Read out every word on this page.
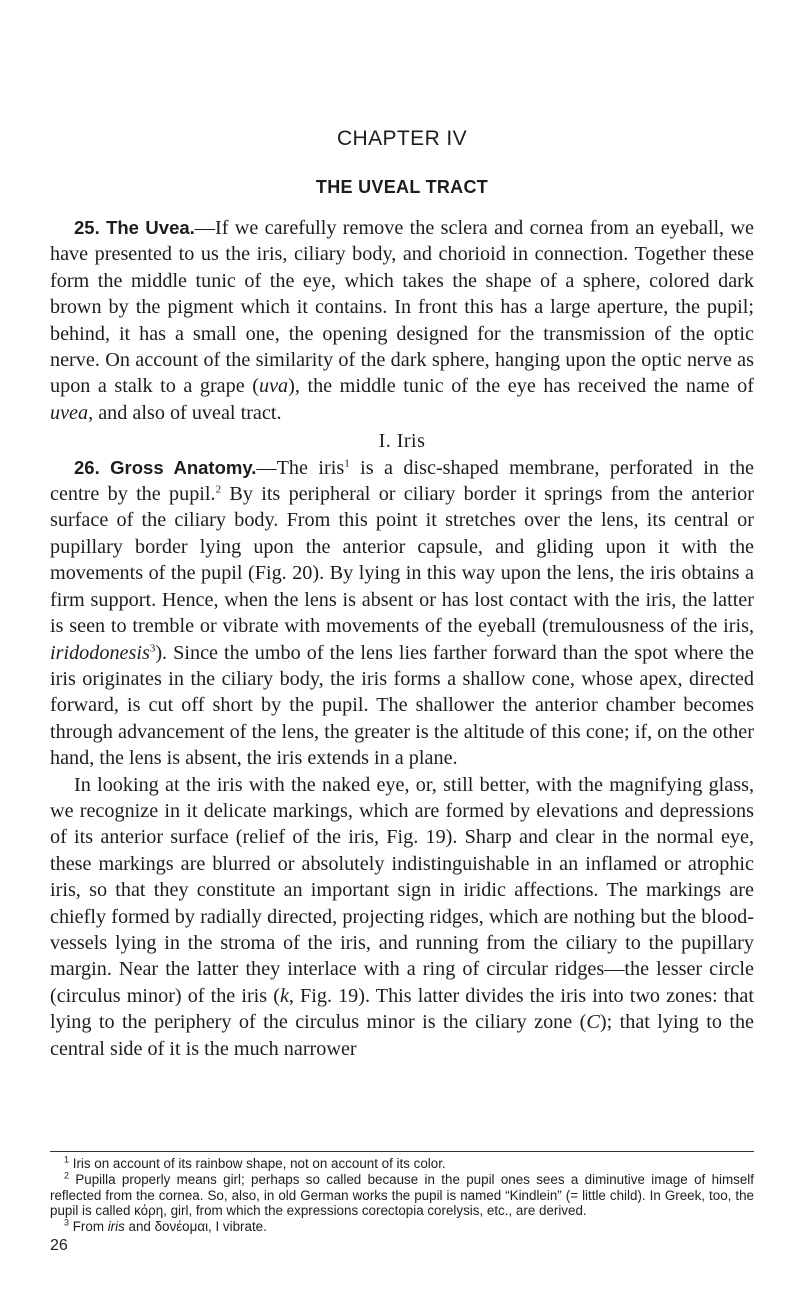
CHAPTER IV
THE UVEAL TRACT

25. The Uvea.—If we carefully remove the sclera and cornea from an eyeball, we have presented to us the iris, ciliary body, and chorioid in connection. Together these form the middle tunic of the eye, which takes the shape of a sphere, colored dark brown by the pigment which it contains. In front this has a large aperture, the pupil; behind, it has a small one, the opening designed for the transmission of the optic nerve. On account of the similarity of the dark sphere, hanging upon the optic nerve as upon a stalk to a grape (uva), the middle tunic of the eye has received the name of uvea, and also of uveal tract.

I. Iris

26. Gross Anatomy.—The iris$^1$ is a disc-shaped membrane, perforated in the centre by the pupil.$^2$ By its peripheral or ciliary border it springs from the anterior surface of the ciliary body. From this point it stretches over the lens, its central or pupillary border lying upon the anterior capsule, and gliding upon it with the movements of the pupil (Fig. 20). By lying in this way upon the lens, the iris obtains a firm support. Hence, when the lens is absent or has lost contact with the iris, the latter is seen to tremble or vibrate with movements of the eyeball (tremulousness of the iris, iridodonesis$^3$). Since the umbo of the lens lies farther forward than the spot where the iris originates in the ciliary body, the iris forms a shallow cone, whose apex, directed forward, is cut off short by the pupil. The shallower the anterior chamber becomes through advancement of the lens, the greater is the altitude of this cone; if, on the other hand, the lens is absent, the iris extends in a plane.

In looking at the iris with the naked eye, or, still better, with the magnifying glass, we recognize in it delicate markings, which are formed by elevations and depressions of its anterior surface (relief of the iris, Fig. 19). Sharp and clear in the normal eye, these markings are blurred or absolutely indistinguishable in an inflamed or atrophic iris, so that they constitute an important sign in iridic affections. The markings are chiefly formed by radially directed, projecting ridges, which are nothing but the blood-vessels lying in the stroma of the iris, and running from the ciliary to the pupillary margin. Near the latter they interlace with a ring of circular ridges—the lesser circle (circulus minor) of the iris (k, Fig. 19). This latter divides the iris into two zones: that lying to the periphery of the circulus minor is the ciliary zone (C); that lying to the central side of it is the much narrower

$^1$ Iris on account of its rainbow shape, not on account of its color.

$^2$ Pupilla properly means girl; perhaps so called because in the pupil ones sees a diminutive image of himself reflected from the cornea. So, also, in old German works the pupil is named “Kindlein” (= little child). In Greek, too, the pupil is called κόρη, girl, from which the expressions corectopia corelysis, etc., are derived.

$^3$ From iris and δονέομαι, I vibrate.

26
